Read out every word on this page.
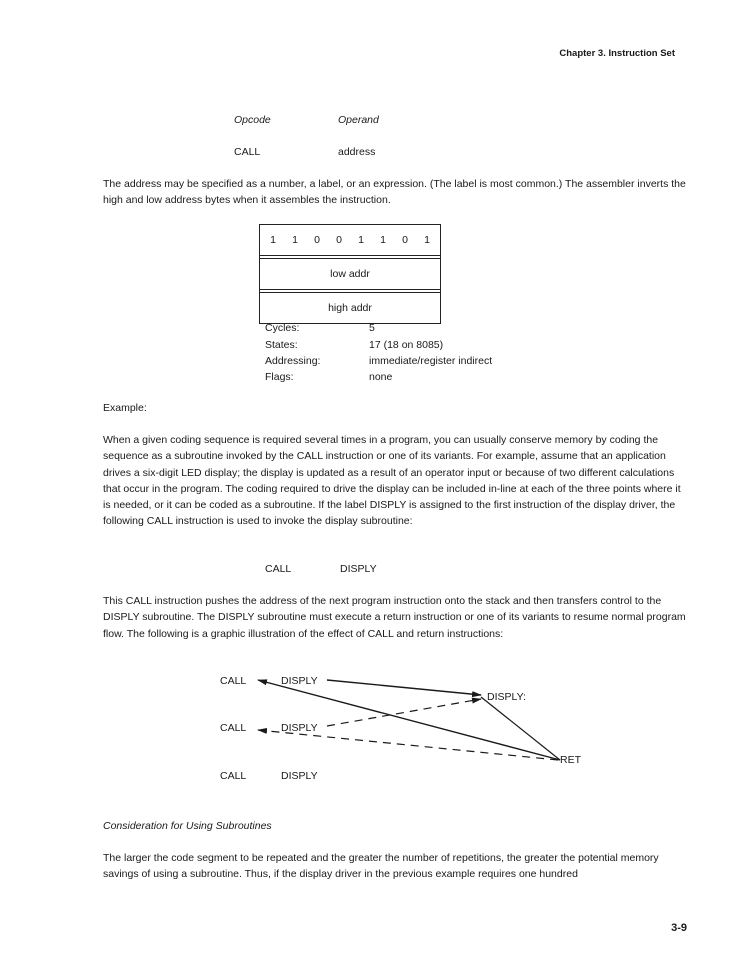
Chapter 3. Instruction Set
Opcode	Operand
CALL	address
The address may be specified as a number, a label, or an expression. (The label is most common.) The assembler inverts the high and low address bytes when it assembles the instruction.
1 1 0 0 1 1 0 1
low addr
high addr
Cycles:	5
States:	17 (18 on 8085)
Addressing:	immediate/register indirect
Flags:	none
Example:
When a given coding sequence is required several times in a program, you can usually conserve memory by coding the sequence as a subroutine invoked by the CALL instruction or one of its variants. For example, assume that an application drives a six-digit LED display; the display is updated as a result of an operator input or because of two different calculations that occur in the program. The coding required to drive the display can be included in-line at each of the three points where it is needed, or it can be coded as a subroutine. If the label DISPLY is assigned to the first instruction of the display driver, the following CALL instruction is used to invoke the display subroutine:
CALL	DISPLY
This CALL instruction pushes the address of the next program instruction onto the stack and then transfers control to the DISPLY subroutine. The DISPLY subroutine must execute a return instruction or one of its variants to resume normal program flow. The following is a graphic illustration of the effect of CALL and return instructions:
CALL	DISPLY
CALL	DISPLY
CALL	DISPLY
DISPLY:
RET
Consideration for Using Subroutines
The larger the code segment to be repeated and the greater the number of repetitions, the greater the potential memory savings of using a subroutine. Thus, if the display driver in the previous example requires one hundred
3-9
